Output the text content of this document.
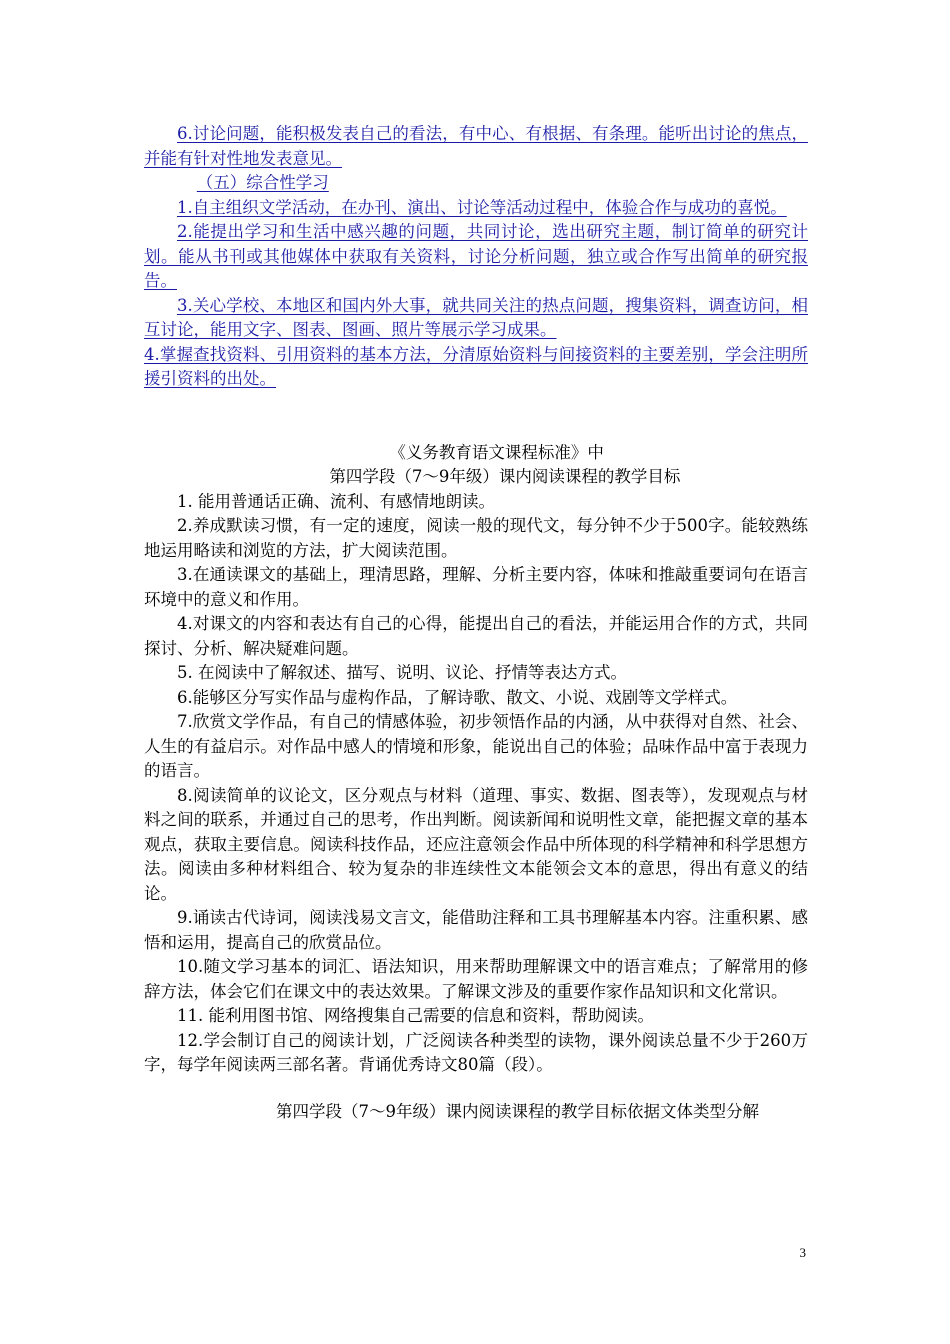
6.讨论问题，能积极发表自己的看法，有中心、有根据、有条理。能听出讨论的焦点，并能有针对性地发表意见。

（五）综合性学习

1.自主组织文学活动，在办刊、演出、讨论等活动过程中，体验合作与成功的喜悦。

2.能提出学习和生活中感兴趣的问题，共同讨论，选出研究主题，制订简单的研究计划。能从书刊或其他媒体中获取有关资料，讨论分析问题，独立或合作写出简单的研究报告。

3.关心学校、本地区和国内外大事，就共同关注的热点问题，搜集资料，调查访问，相互讨论，能用文字、图表、图画、照片等展示学习成果。

4.掌握查找资料、引用资料的基本方法，分清原始资料与间接资料的主要差别，学会注明所援引资料的出处。

《义务教育语文课程标准》中

第四学段（7～9年级）课内阅读课程的教学目标

1. 能用普通话正确、流利、有感情地朗读。

2.养成默读习惯，有一定的速度，阅读一般的现代文，每分钟不少于500字。能较熟练地运用略读和浏览的方法，扩大阅读范围。

3.在通读课文的基础上，理清思路，理解、分析主要内容，体味和推敲重要词句在语言环境中的意义和作用。

4.对课文的内容和表达有自己的心得，能提出自己的看法，并能运用合作的方式，共同探讨、分析、解决疑难问题。

5. 在阅读中了解叙述、描写、说明、议论、抒情等表达方式。

6.能够区分写实作品与虚构作品，了解诗歌、散文、小说、戏剧等文学样式。

7.欣赏文学作品，有自己的情感体验，初步领悟作品的内涵，从中获得对自然、社会、人生的有益启示。对作品中感人的情境和形象，能说出自己的体验；品味作品中富于表现力的语言。

8.阅读简单的议论文，区分观点与材料（道理、事实、数据、图表等），发现观点与材料之间的联系，并通过自己的思考，作出判断。阅读新闻和说明性文章，能把握文章的基本观点，获取主要信息。阅读科技作品，还应注意领会作品中所体现的科学精神和科学思想方法。阅读由多种材料组合、较为复杂的非连续性文本能领会文本的意思，得出有意义的结论。

9.诵读古代诗词，阅读浅易文言文，能借助注释和工具书理解基本内容。注重积累、感悟和运用，提高自己的欣赏品位。

10.随文学习基本的词汇、语法知识，用来帮助理解课文中的语言难点；了解常用的修辞方法，体会它们在课文中的表达效果。了解课文涉及的重要作家作品知识和文化常识。

11. 能利用图书馆、网络搜集自己需要的信息和资料，帮助阅读。

12.学会制订自己的阅读计划，广泛阅读各种类型的读物，课外阅读总量不少于260万字，每学年阅读两三部名著。背诵优秀诗文80篇（段）。

第四学段（7～9年级）课内阅读课程的教学目标依据文体类型分解

3
